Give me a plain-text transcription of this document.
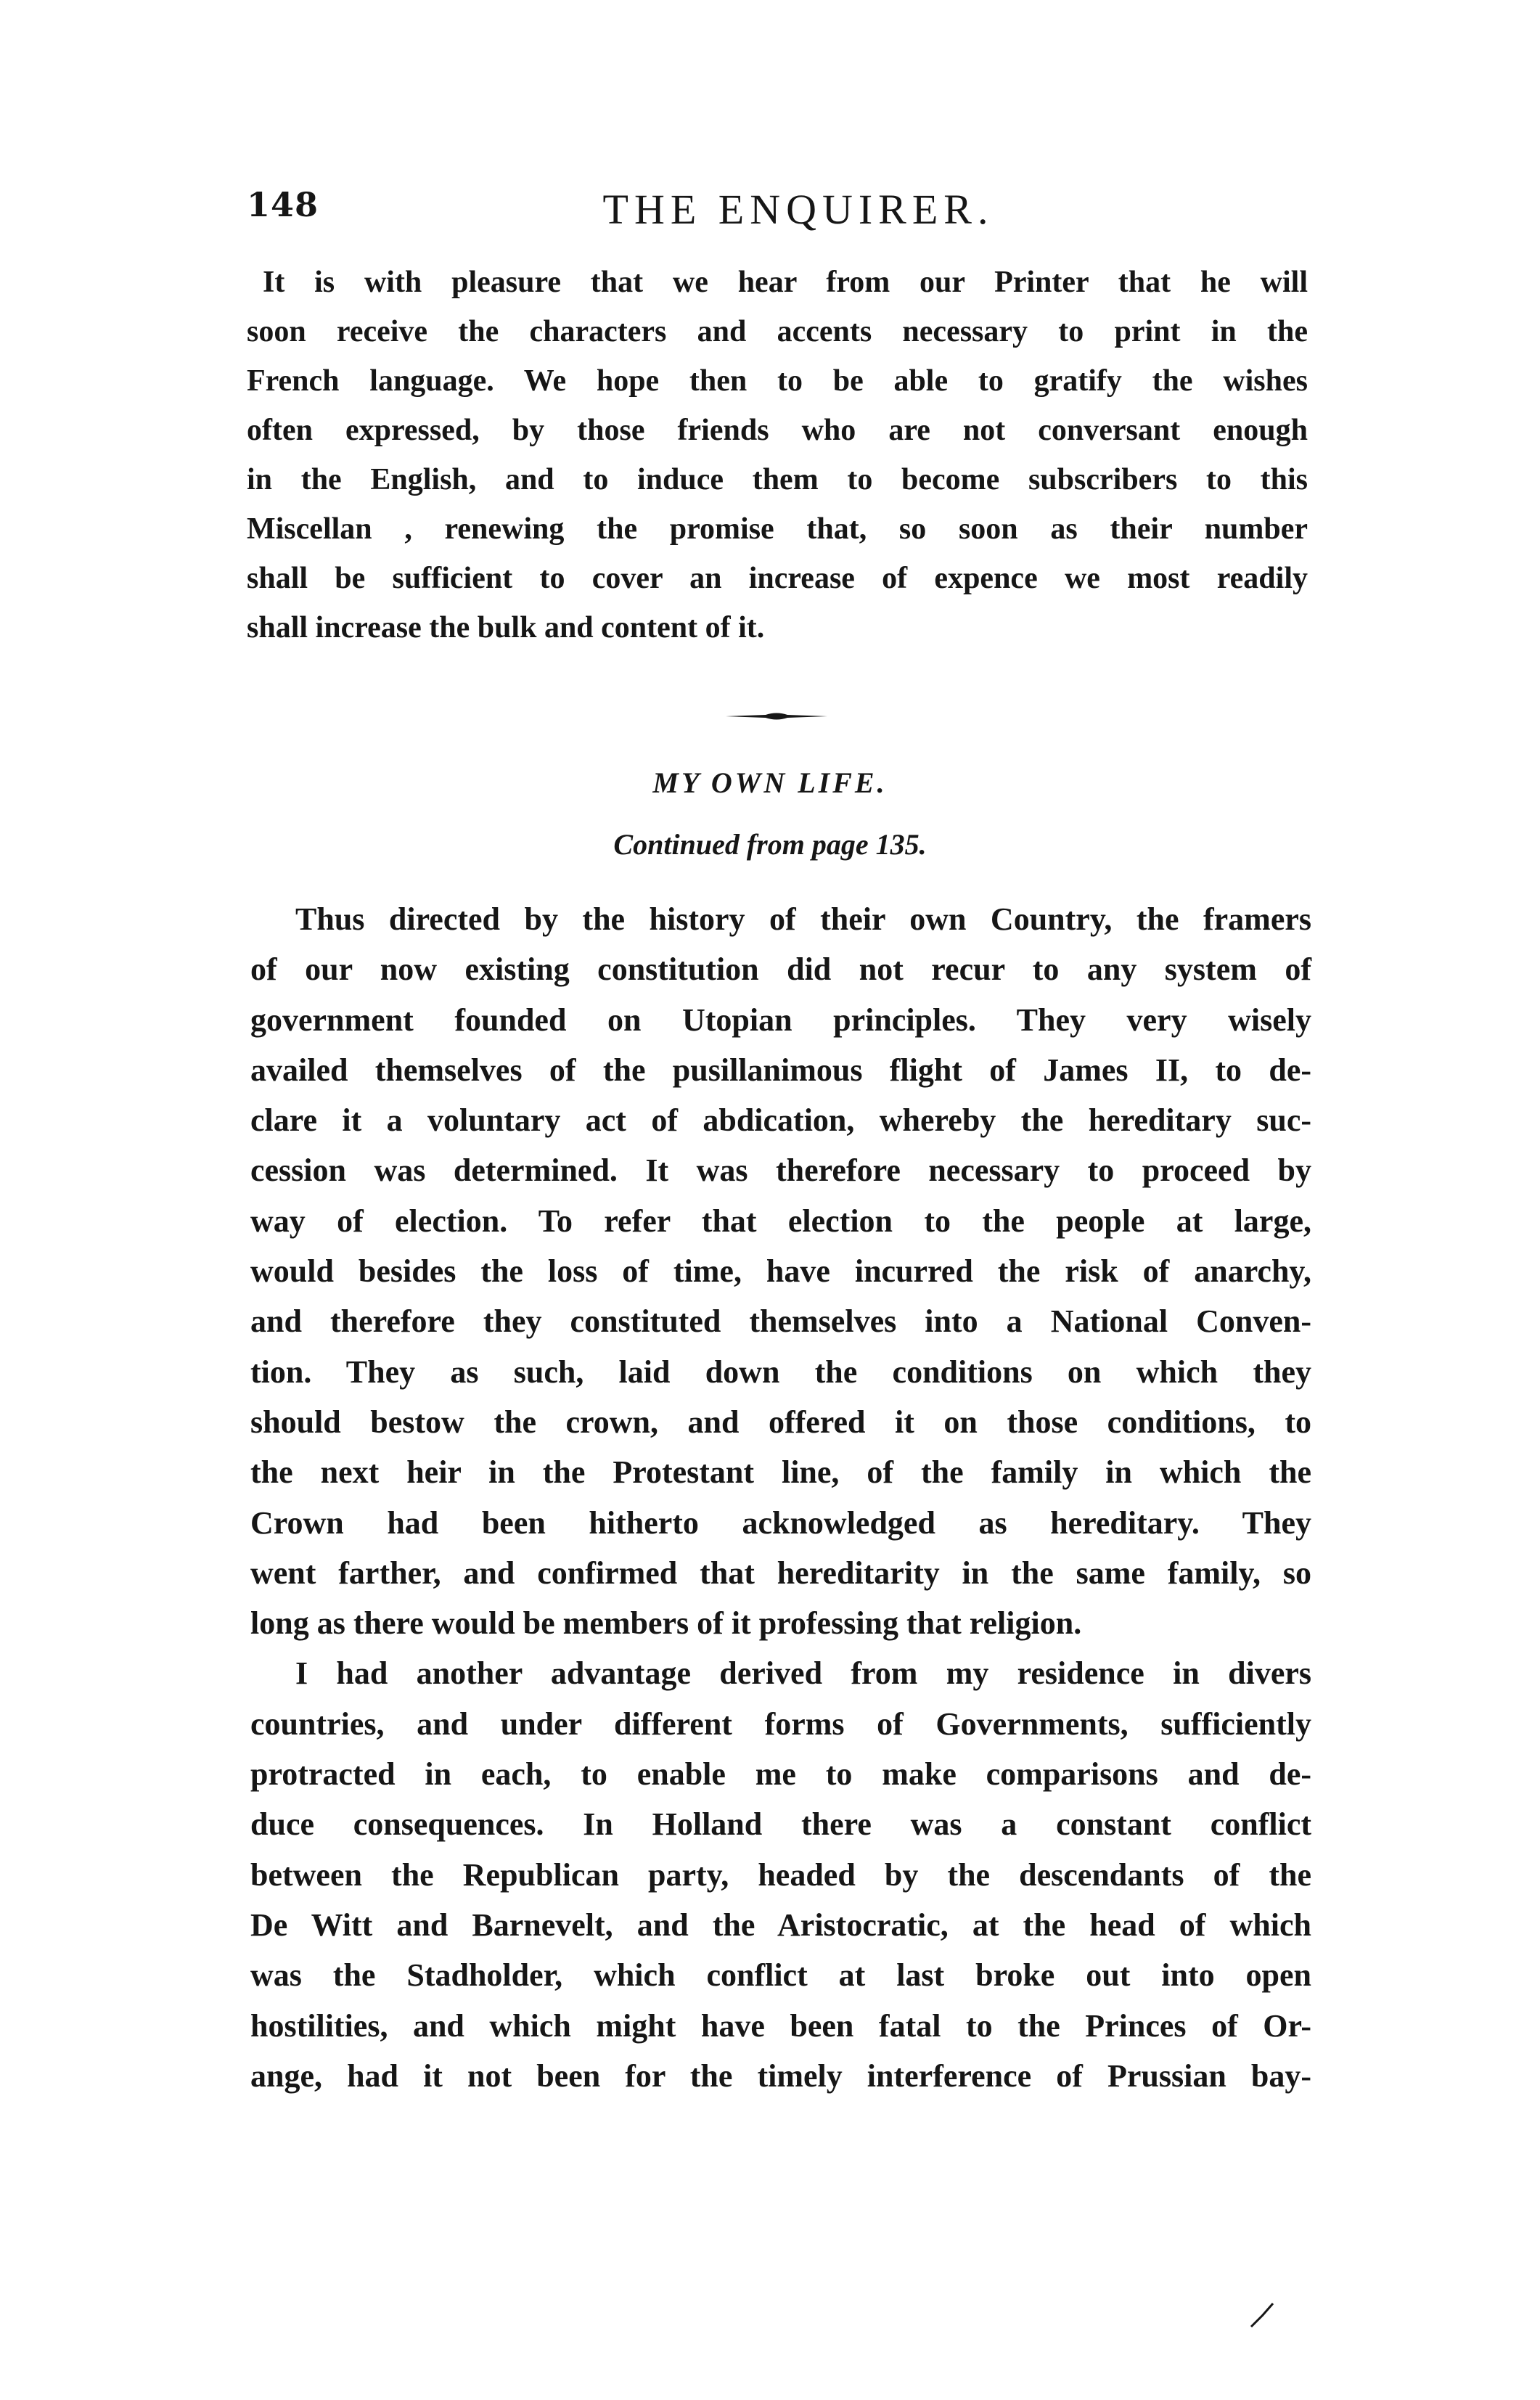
148	THE ENQUIRER.
It is with pleasure that we hear from our Printer that he will
soon receive the characters and accents necessary to print in the
French language. We hope then to be able to gratify the wishes
often expressed, by those friends who are not conversant enough
in the English, and to induce them to become subscribers to this
Miscellan , renewing the promise that, so soon as their number
shall be sufficient to cover an increase of expence we most readily
shall increase the bulk and content of it.
MY OWN LIFE.
Continued from page 135.
Thus directed by the history of their own Country, the framers
of our now existing constitution did not recur to any system of
government founded on Utopian principles. They very wisely
availed themselves of the pusillanimous flight of James II, to de-
clare it a voluntary act of abdication, whereby the hereditary suc-
cession was determined. It was therefore necessary to proceed by
way of election. To refer that election to the people at large,
would besides the loss of time, have incurred the risk of anarchy,
and therefore they constituted themselves into a National Conven-
tion. They as such, laid down the conditions on which they
should bestow the crown, and offered it on those conditions, to
the next heir in the Protestant line, of the family in which the
Crown had been hitherto acknowledged as hereditary. They
went farther, and confirmed that hereditarity in the same family, so
long as there would be members of it professing that religion.
I had another advantage derived from my residence in divers
countries, and under different forms of Governments, sufficiently
protracted in each, to enable me to make comparisons and de-
duce consequences. In Holland there was a constant conflict
between the Republican party, headed by the descendants of the
De Witt and Barnevelt, and the Aristocratic, at the head of which
was the Stadholder, which conflict at last broke out into open
hostilities, and which might have been fatal to the Princes of Or-
ange, had it not been for the timely interference of Prussian bay-
